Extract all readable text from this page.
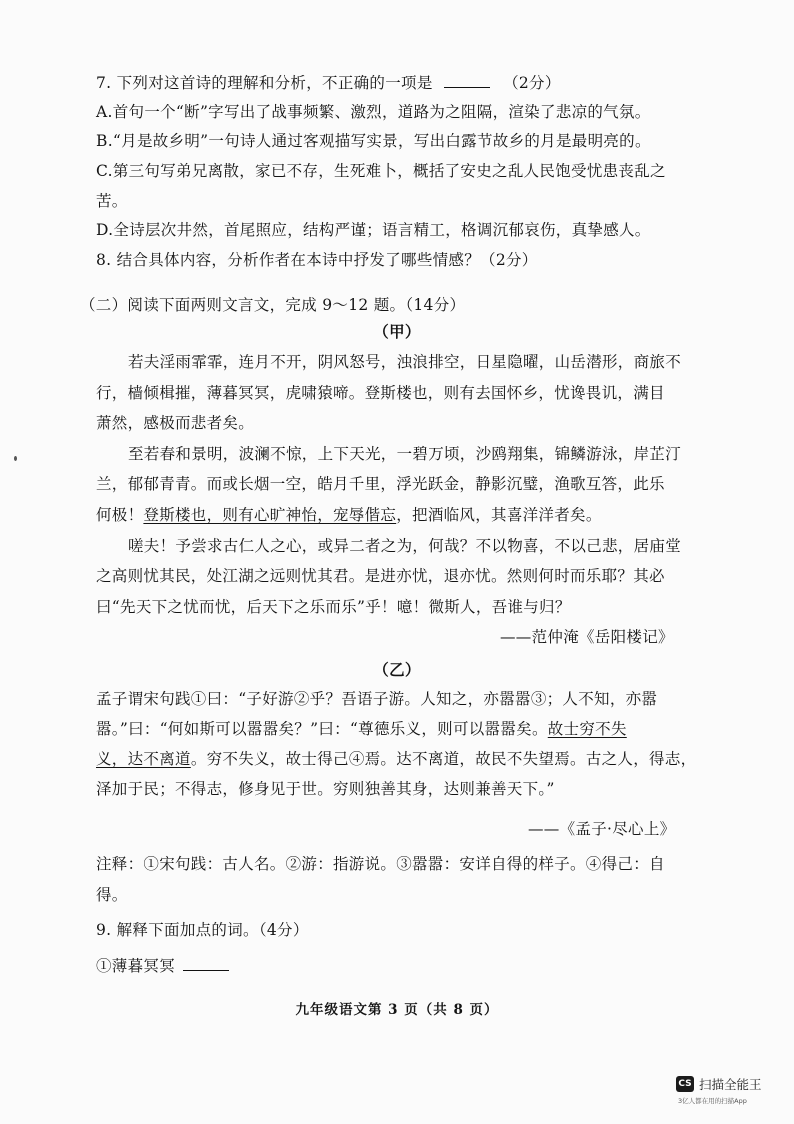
7. 下列对这首诗的理解和分析，不正确的一项是	（2分）
A.首句一个“断”字写出了战事频繁、激烈，道路为之阻隔，渲染了悲凉的气氛。
B.“月是故乡明”一句诗人通过客观描写实景，写出白露节故乡的月是最明亮的。
C.第三句写弟兄离散，家已不存，生死难卜，概括了安史之乱人民饱受忧患丧乱之
苦。
D.全诗层次井然，首尾照应，结构严谨；语言精工，格调沉郁哀伤，真挚感人。
8. 结合具体内容，分析作者在本诗中抒发了哪些情感？（2分）
（二）阅读下面两则文言文，完成 9～12 题。（14分）
（甲）
若夫淫雨霏霏，连月不开，阴风怒号，浊浪排空，日星隐曜，山岳潜形，商旅不
行，樯倾楫摧，薄暮冥冥，虎啸猿啼。登斯楼也，则有去国怀乡，忧谗畏讥，满目
萧然，感极而悲者矣。
至若春和景明，波澜不惊，上下天光，一碧万顷，沙鸥翔集，锦鳞游泳，岸芷汀
兰，郁郁青青。而或长烟一空，皓月千里，浮光跃金，静影沉璧，渔歌互答，此乐
何极！登斯楼也，则有心旷神怡，宠辱偕忘，把酒临风，其喜洋洋者矣。
嗟夫！予尝求古仁人之心，或异二者之为，何哉？不以物喜，不以己悲，居庙堂
之高则忧其民，处江湖之远则忧其君。是进亦忧，退亦忧。然则何时而乐耶？其必
曰“先天下之忧而忧，后天下之乐而乐”乎！噫！微斯人，吾谁与归？
——范仲淹《岳阳楼记》
（乙）
孟子谓宋句践①曰：“子好游②乎？吾语子游。人知之，亦嚣嚣③；人不知，亦嚣
嚣。”曰：“何如斯可以嚣嚣矣？”曰：“尊德乐义，则可以嚣嚣矣。故士穷不失
义，达不离道。穷不失义，故士得己④焉。达不离道，故民不失望焉。古之人，得志，
泽加于民；不得志，修身见于世。穷则独善其身，达则兼善天下。”
——《孟子·尽心上》
注释：①宋句践：古人名。②游：指游说。③嚣嚣：安详自得的样子。④得己：自
得。
9. 解释下面加点的词。（4分）
①薄暮冥冥
九年级语文第 3 页（共 8 页）
CS 扫描全能王
3亿人都在用的扫描App
